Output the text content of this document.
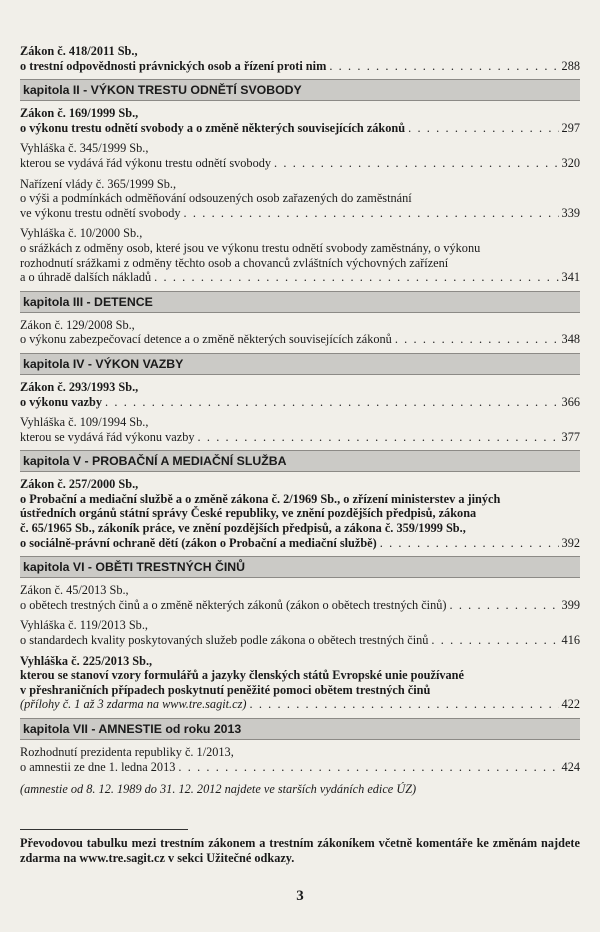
Zákon č. 418/2011 Sb.,
o trestní odpovědnosti právnických osob a řízení proti nim . . .	288
kapitola II - VÝKON TRESTU ODNĚTÍ SVOBODY
Zákon č. 169/1999 Sb.,
o výkonu trestu odnětí svobody a o změně některých souvisejících zákonů . . .	297
Vyhláška č. 345/1999 Sb.,
kterou se vydává řád výkonu trestu odnětí svobody . . .	320
Nařízení vlády č. 365/1999 Sb.,
o výši a podmínkách odměňování odsouzených osob zařazených do zaměstnání
ve výkonu trestu odnětí svobody . . .	339
Vyhláška č. 10/2000 Sb.,
o srážkách z odměny osob, které jsou ve výkonu trestu odnětí svobody zaměstnány, o výkonu
rozhodnutí srážkami z odměny těchto osob a chovanců zvláštních výchovných zařízení
a o úhradě dalších nákladů . . .	341
kapitola III - DETENCE
Zákon č. 129/2008 Sb.,
o výkonu zabezpečovací detence a o změně některých souvisejících zákonů . . .	348
kapitola IV - VÝKON VAZBY
Zákon č. 293/1993 Sb.,
o výkonu vazby . . .	366
Vyhláška č. 109/1994 Sb.,
kterou se vydává řád výkonu vazby . . .	377
kapitola V - PROBAČNÍ A MEDIAČNÍ SLUŽBA
Zákon č. 257/2000 Sb.,
o Probační a mediační službě a o změně zákona č. 2/1969 Sb., o zřízení ministerstev a jiných
ústředních orgánů státní správy České republiky, ve znění pozdějších předpisů, zákona
č. 65/1965 Sb., zákoník práce, ve znění pozdějších předpisů, a zákona č. 359/1999 Sb.,
o sociálně-právní ochraně dětí (zákon o Probační a mediační službě) . . .	392
kapitola VI - OBĚTI TRESTNÝCH ČINŮ
Zákon č. 45/2013 Sb.,
o obětech trestných činů a o změně některých zákonů (zákon o obětech trestných činů) . . .	399
Vyhláška č. 119/2013 Sb.,
o standardech kvality poskytovaných služeb podle zákona o obětech trestných činů . . .	416
Vyhláška č. 225/2013 Sb.,
kterou se stanoví vzory formulářů a jazyky členských států Evropské unie používané
v přeshraničních případech poskytnutí peněžité pomoci obětem trestných činů
(přílohy č. 1 až 3 zdarma na www.tre.sagit.cz) . . .	422
kapitola VII - AMNESTIE od roku 2013
Rozhodnutí prezidenta republiky č. 1/2013,
o amnestii ze dne 1. ledna 2013 . . .	424
(amnestie od 8. 12. 1989 do 31. 12. 2012 najdete ve starších vydáních edice ÚZ)
Převodovou tabulku mezi trestním zákonem a trestním zákoníkem včetně komentáře ke změnám najdete zdarma na www.tre.sagit.cz v sekci Užitečné odkazy.
3
